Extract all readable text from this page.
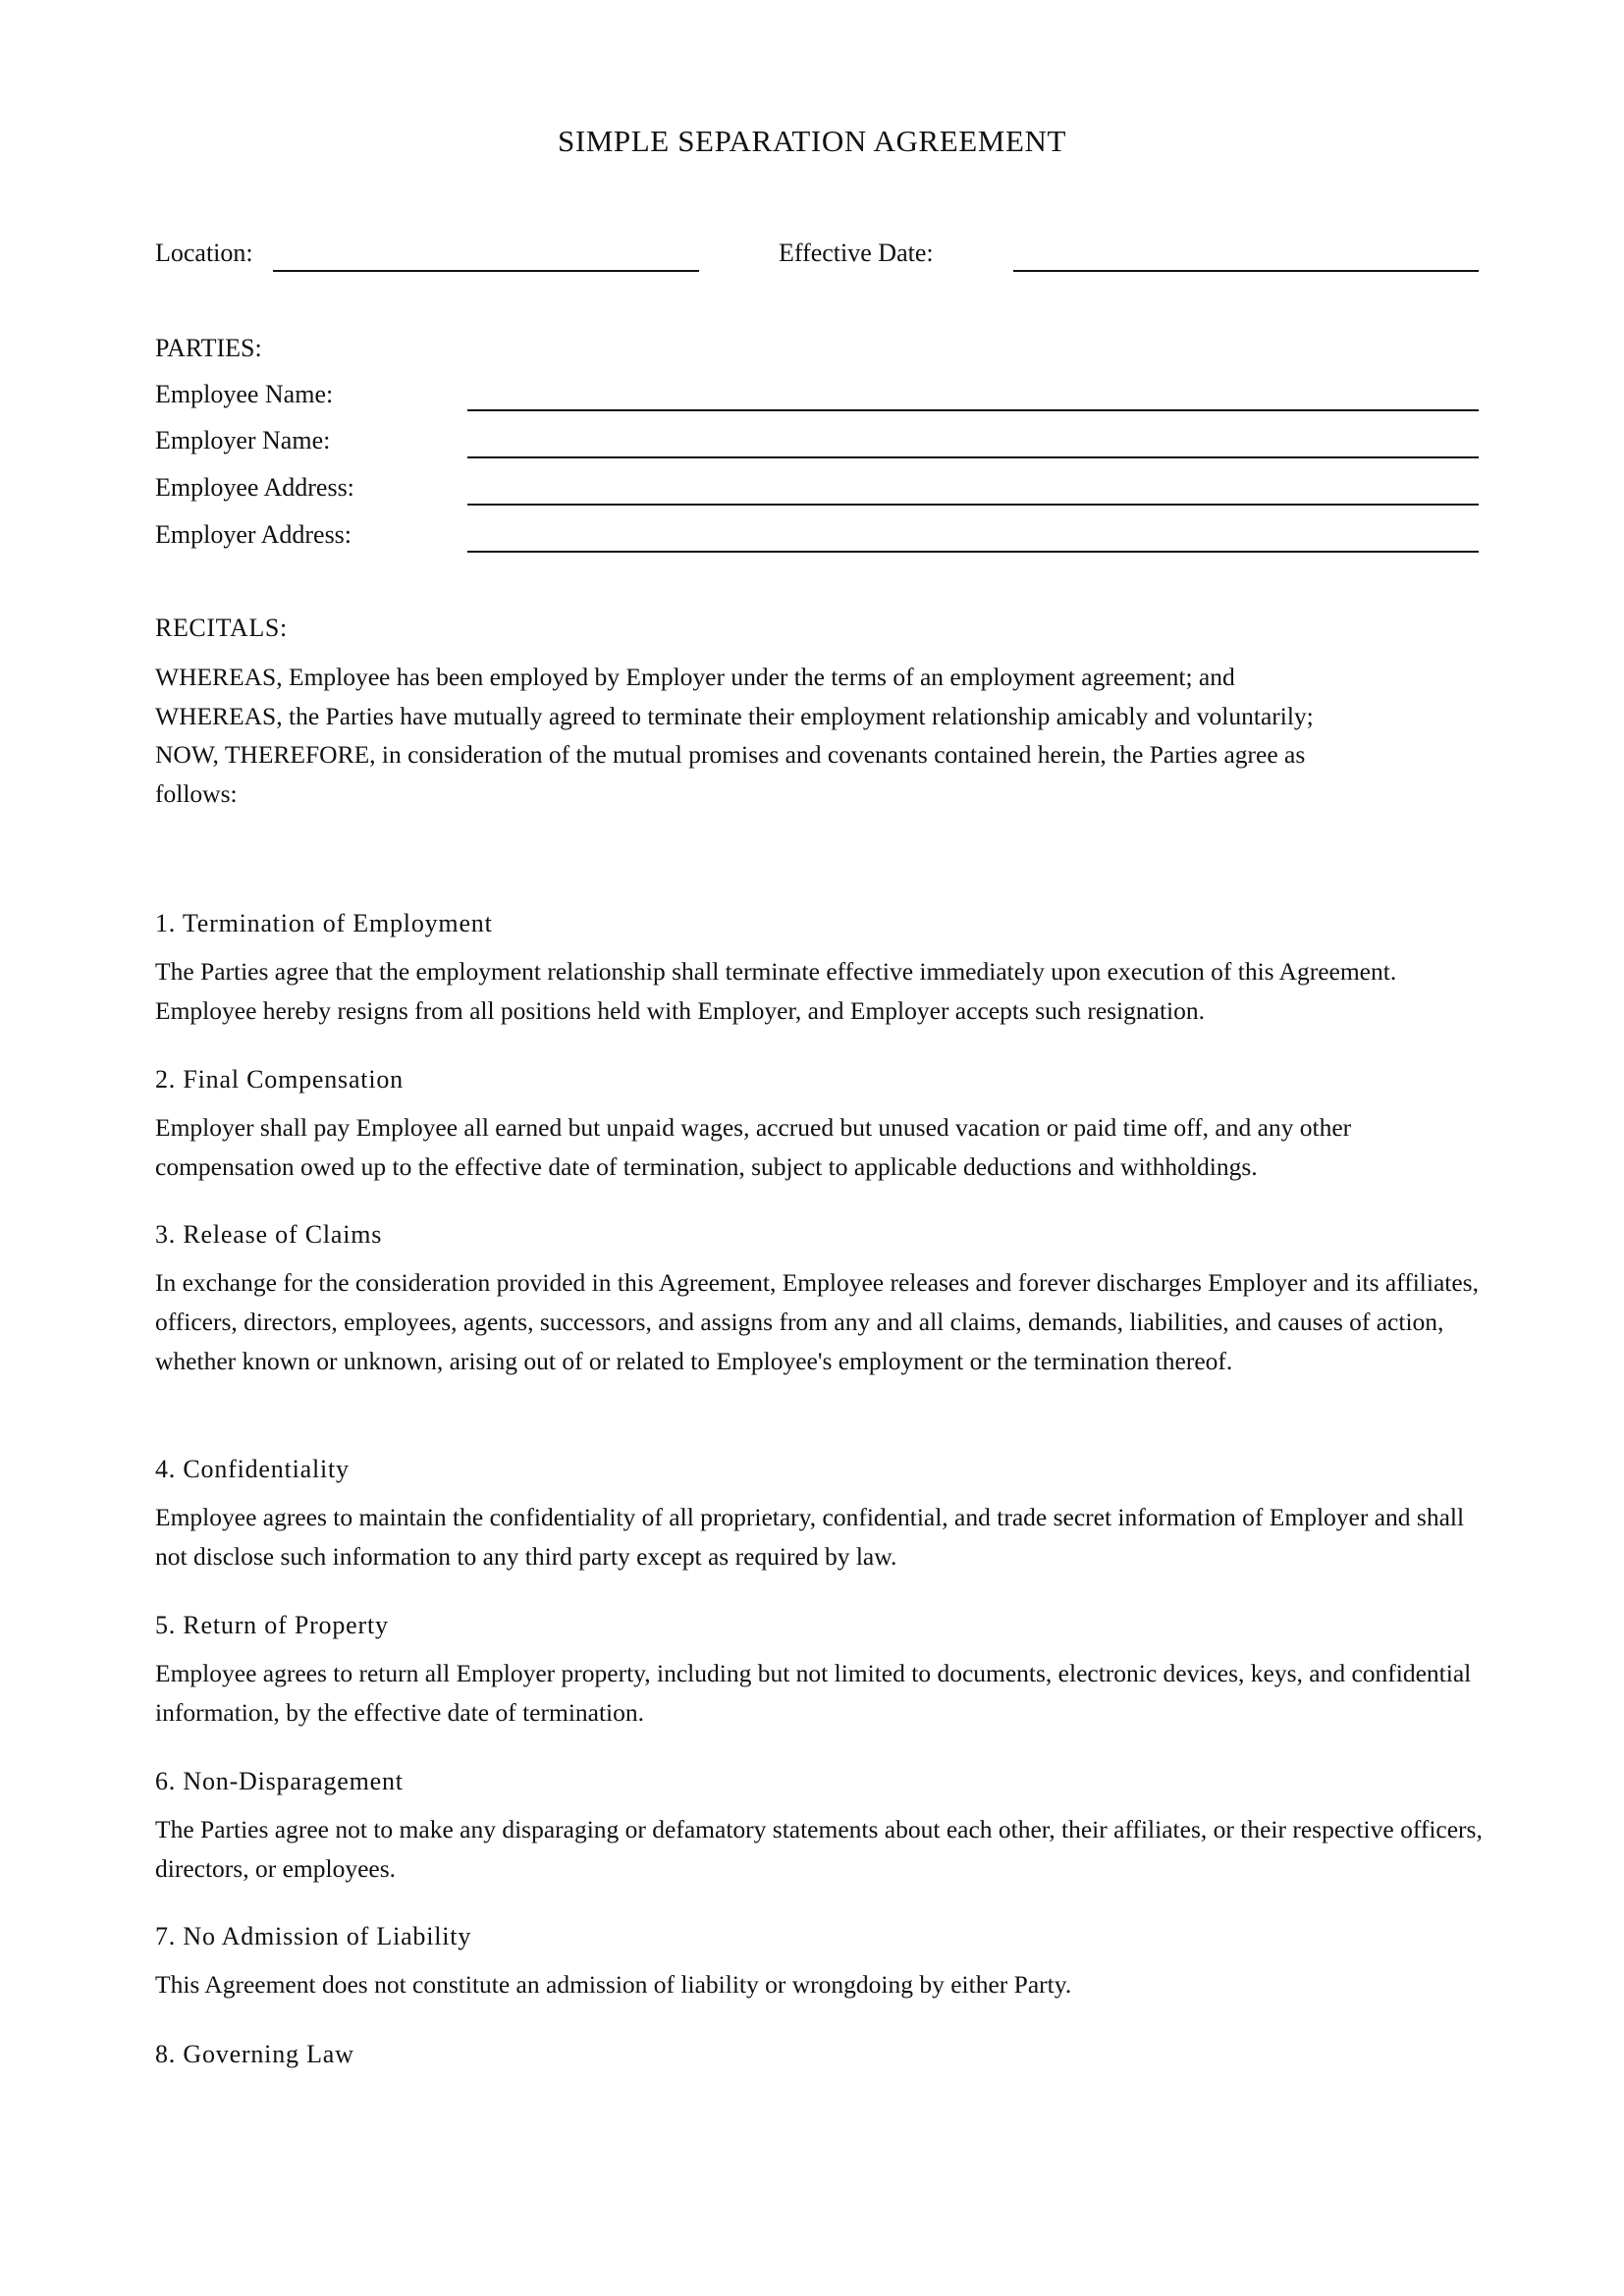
SIMPLE SEPARATION AGREEMENT
Location:	Effective Date:
PARTIES:
Employee Name:
Employer Name:
Employee Address:
Employer Address:
RECITALS:
WHEREAS, Employee has been employed by Employer under the terms of an employment agreement; and
WHEREAS, the Parties have mutually agreed to terminate their employment relationship amicably and voluntarily;
NOW, THEREFORE, in consideration of the mutual promises and covenants contained herein, the Parties agree as
follows:
1. Termination of Employment
The Parties agree that the employment relationship shall terminate effective immediately upon execution of this Agreement. Employee hereby resigns from all positions held with Employer, and Employer accepts such resignation.
2. Final Compensation
Employer shall pay Employee all earned but unpaid wages, accrued but unused vacation or paid time off, and any other compensation owed up to the effective date of termination, subject to applicable deductions and withholdings.
3. Release of Claims
In exchange for the consideration provided in this Agreement, Employee releases and forever discharges Employer and its affiliates, officers, directors, employees, agents, successors, and assigns from any and all claims, demands, liabilities, and causes of action, whether known or unknown, arising out of or related to Employee's employment or the termination thereof.
4. Confidentiality
Employee agrees to maintain the confidentiality of all proprietary, confidential, and trade secret information of Employer and shall not disclose such information to any third party except as required by law.
5. Return of Property
Employee agrees to return all Employer property, including but not limited to documents, electronic devices, keys, and confidential information, by the effective date of termination.
6. Non-Disparagement
The Parties agree not to make any disparaging or defamatory statements about each other, their affiliates, or their respective officers, directors, or employees.
7. No Admission of Liability
This Agreement does not constitute an admission of liability or wrongdoing by either Party.
8. Governing Law
